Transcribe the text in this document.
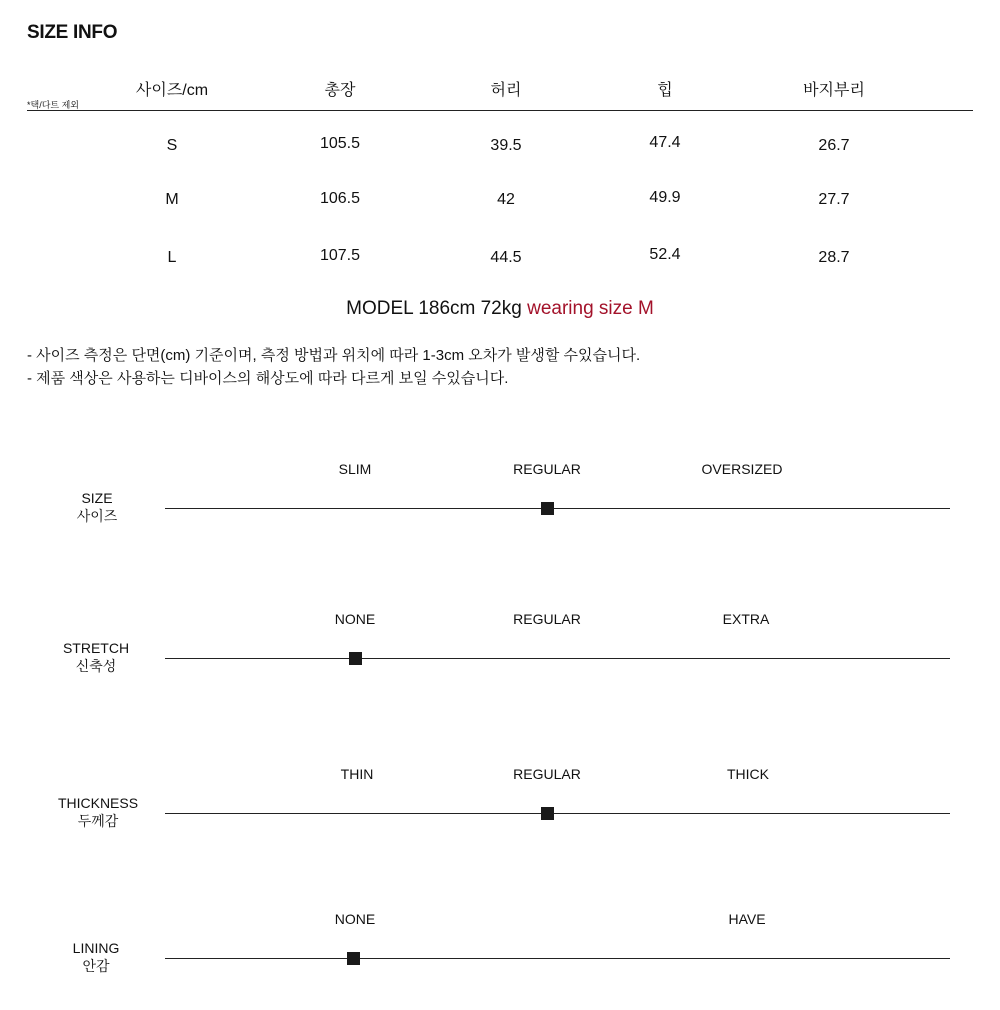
SIZE INFO
사이즈/cm	총장	허리	힙	바지부리
*택/다트 제외
S	105.5	39.5	47.4	26.7
M	106.5	42	49.9	27.7
L	107.5	44.5	52.4	28.7
MODEL 186cm 72kg wearing size M
- 사이즈 측정은 단면(cm) 기준이며, 측정 방법과 위치에 따라 1-3cm 오차가 발생할 수있습니다.
- 제품 색상은 사용하는 디바이스의 해상도에 따라 다르게 보일 수있습니다.
SIZE
사이즈
SLIM	REGULAR	OVERSIZED
STRETCH
신축성
NONE	REGULAR	EXTRA
THICKNESS
두께감
THIN	REGULAR	THICK
LINING
안감
NONE	HAVE
